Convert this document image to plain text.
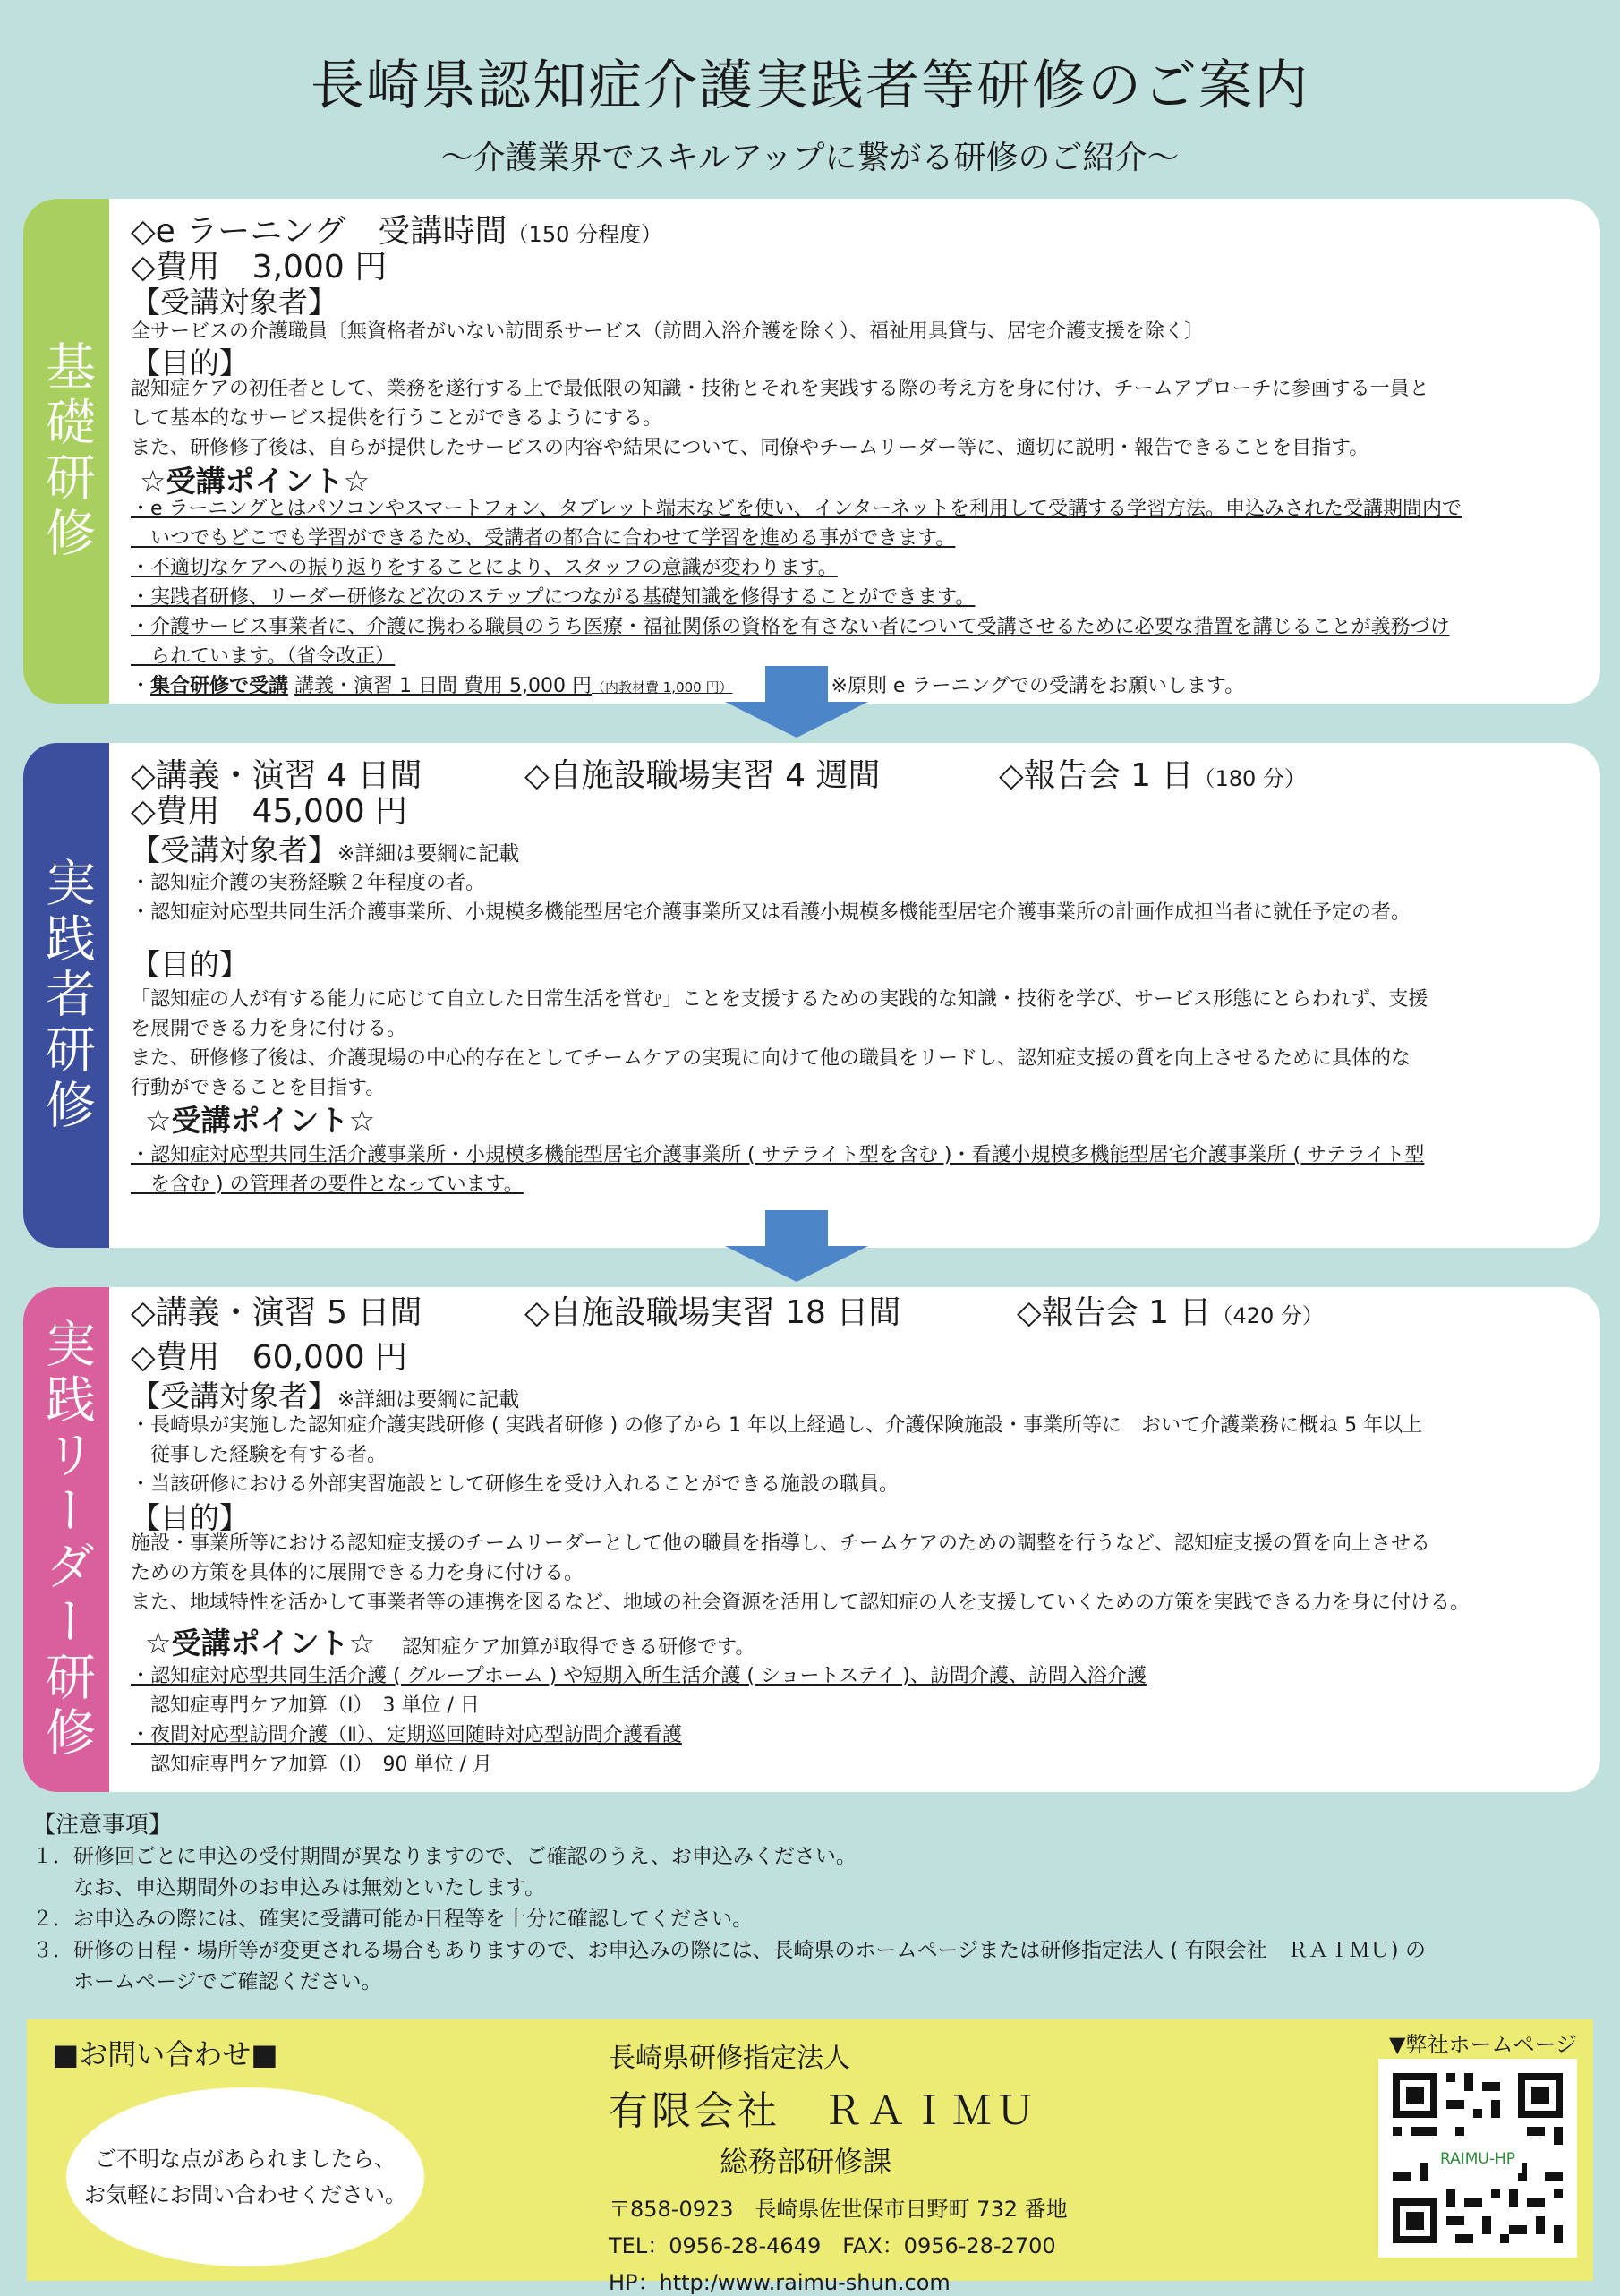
長崎県認知症介護実践者等研修のご案内
～介護業界でスキルアップに繋がる研修のご紹介～
基礎研修
◇e ラーニング　受講時間（150 分程度）
◇費用　3,000 円
【受講対象者】
全サービスの介護職員〔無資格者がいない訪問系サービス（訪問入浴介護を除く）、福祉用具貸与、居宅介護支援を除く〕
【目的】
認知症ケアの初任者として、業務を遂行する上で最低限の知識・技術とそれを実践する際の考え方を身に付け、チームアプローチに参画する一員と
して基本的なサービス提供を行うことができるようにする。
また、研修修了後は、自らが提供したサービスの内容や結果について、同僚やチームリーダー等に、適切に説明・報告できることを目指す。
☆受講ポイント☆
・e ラーニングとはパソコンやスマートフォン、タブレット端末などを使い、インターネットを利用して受講する学習方法。申込みされた受講期間内で
　いつでもどこでも学習ができるため、受講者の都合に合わせて学習を進める事ができます。
・不適切なケアへの振り返りをすることにより、スタッフの意識が変わります。
・実践者研修、リーダー研修など次のステップにつながる基礎知識を修得することができます。
・介護サービス事業者に、介護に携わる職員のうち医療・福祉関係の資格を有さない者について受講させるために必要な措置を講じることが義務づけ
　られています。（省令改正）
・集合研修で受講 講義・演習 1 日間 費用 5,000 円（内教材費 1,000 円）	※原則 e ラーニングでの受講をお願いします。
実践者研修
◇講義・演習 4 日間	◇自施設職場実習 4 週間	◇報告会 1 日（180 分）
◇費用　45,000 円
【受講対象者】※詳細は要綱に記載
・認知症介護の実務経験２年程度の者。
・認知症対応型共同生活介護事業所、小規模多機能型居宅介護事業所又は看護小規模多機能型居宅介護事業所の計画作成担当者に就任予定の者。
【目的】
「認知症の人が有する能力に応じて自立した日常生活を営む」ことを支援するための実践的な知識・技術を学び、サービス形態にとらわれず、支援
を展開できる力を身に付ける。
また、研修修了後は、介護現場の中心的存在としてチームケアの実現に向けて他の職員をリードし、認知症支援の質を向上させるために具体的な
行動ができることを目指す。
☆受講ポイント☆
・認知症対応型共同生活介護事業所・小規模多機能型居宅介護事業所 ( サテライト型を含む )・看護小規模多機能型居宅介護事業所 ( サテライト型
　を含む ) の管理者の要件となっています。
実践リーダー研修
◇講義・演習 5 日間	◇自施設職場実習 18 日間	◇報告会 1 日（420 分）
◇費用　60,000 円
【受講対象者】※詳細は要綱に記載
・長崎県が実施した認知症介護実践研修 ( 実践者研修 ) の修了から 1 年以上経過し、介護保険施設・事業所等に　おいて介護業務に概ね 5 年以上
　従事した経験を有する者。
・当該研修における外部実習施設として研修生を受け入れることができる施設の職員。
【目的】
施設・事業所等における認知症支援のチームリーダーとして他の職員を指導し、チームケアのための調整を行うなど、認知症支援の質を向上させる
ための方策を具体的に展開できる力を身に付ける。
また、地域特性を活かして事業者等の連携を図るなど、地域の社会資源を活用して認知症の人を支援していくための方策を実践できる力を身に付ける。
☆受講ポイント☆ 認知症ケア加算が取得できる研修です。
・認知症対応型共同生活介護 ( グループホーム ) や短期入所生活介護 ( ショートステイ )、訪問介護、訪問入浴介護
　認知症専門ケア加算（Ⅰ）　3 単位 / 日
・夜間対応型訪問介護（Ⅱ）、定期巡回随時対応型訪問介護看護
　認知症専門ケア加算（Ⅰ）　90 単位 / 月
【注意事項】
１．研修回ごとに申込の受付期間が異なりますので、ご確認のうえ、お申込みください。
　　なお、申込期間外のお申込みは無効といたします。
２．お申込みの際には、確実に受講可能か日程等を十分に確認してください。
３．研修の日程・場所等が変更される場合もありますので、お申込みの際には、長崎県のホームページまたは研修指定法人 ( 有限会社　ＲＡＩＭＵ) の
　　ホームページでご確認ください。
■お問い合わせ■
ご不明な点があられましたら、
お気軽にお問い合わせください。
長崎県研修指定法人
有限会社　ＲＡＩＭＵ
総務部研修課
〒858-0923　長崎県佐世保市日野町 732 番地
TEL：0956-28-4649　FAX：0956-28-2700
HP：http:/www.raimu-shun.com
▼弊社ホームページ
RAIMU-HP
